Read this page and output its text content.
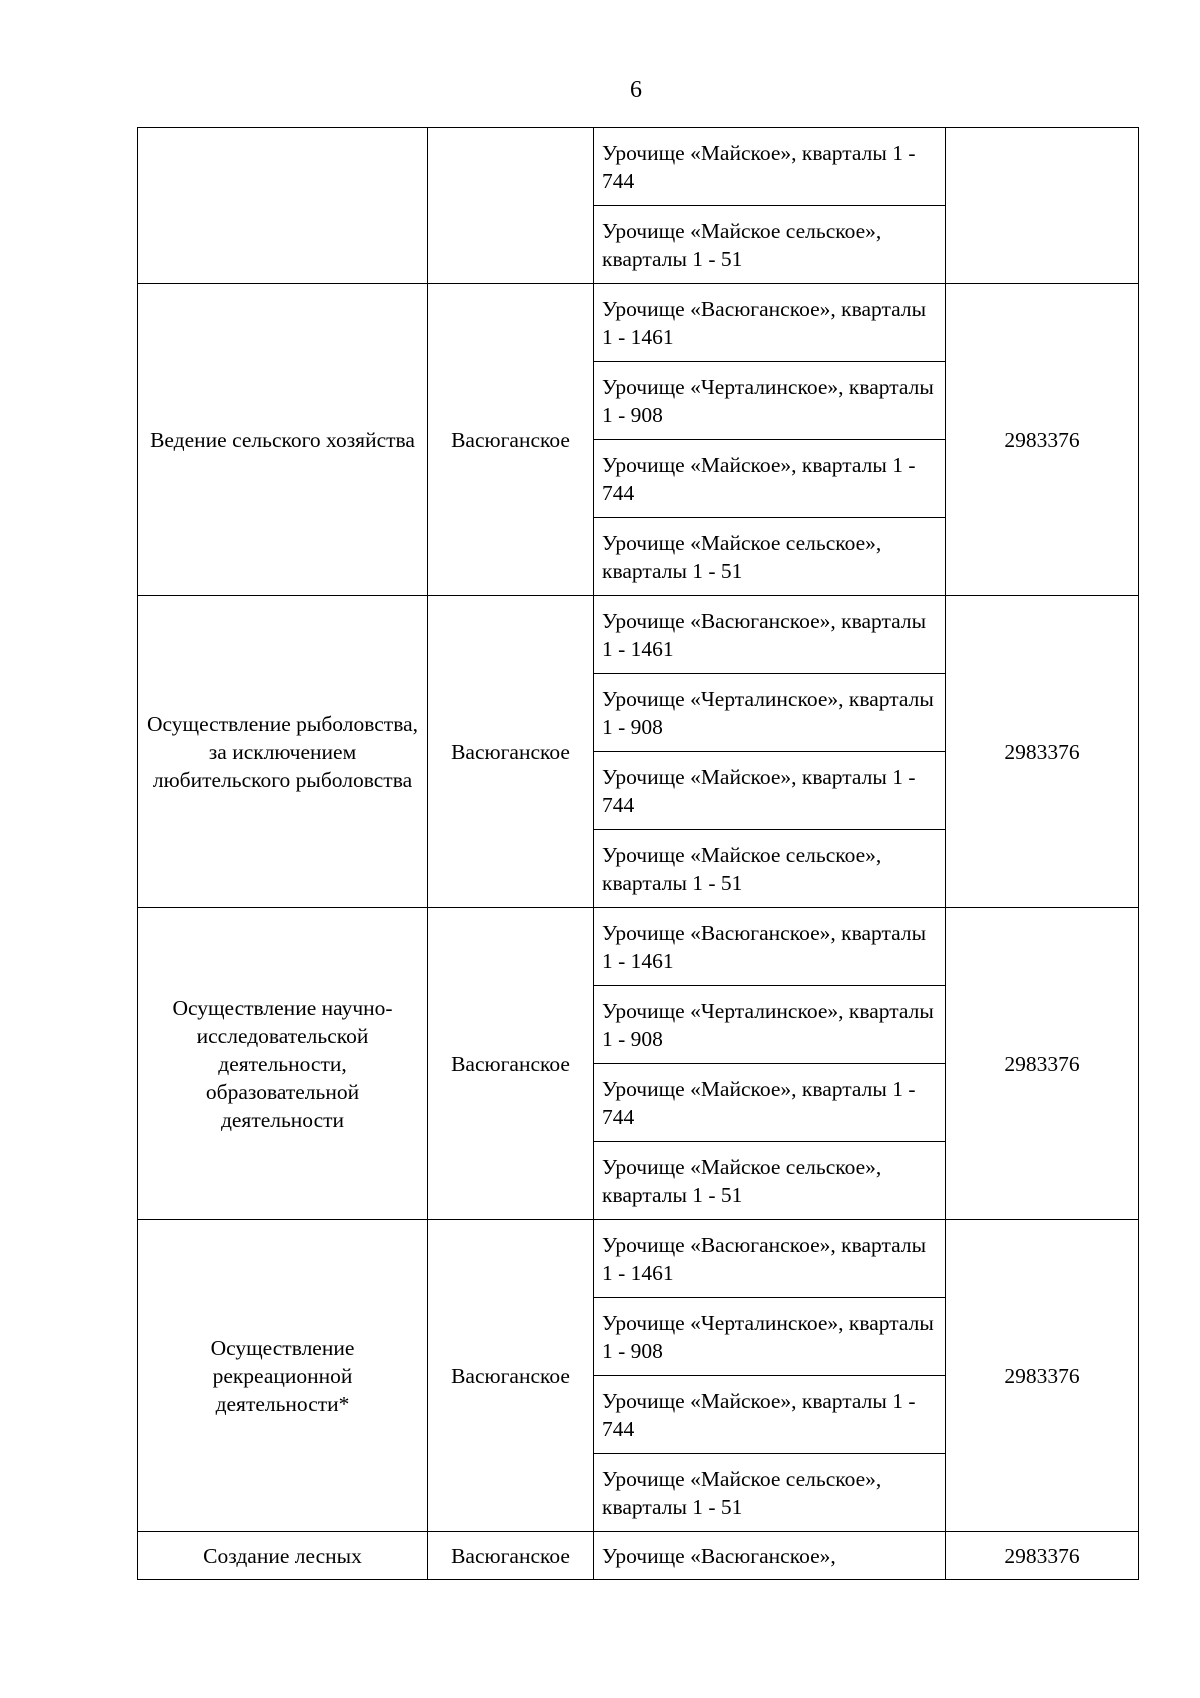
6
		Урочище «Майское», кварталы 1 - 744	
		Урочище «Майское сельское», кварталы 1 - 51	
Ведение сельского хозяйства	Васюганское	Урочище «Васюганское», кварталы 1 - 1461	2983376
		Урочище «Черталинское», кварталы 1 - 908	
		Урочище «Майское», кварталы 1 - 744	
		Урочище «Майское сельское», кварталы 1 - 51	
Осуществление рыболовства, за исключением любительского рыболовства	Васюганское	Урочище «Васюганское», кварталы 1 - 1461	2983376
		Урочище «Черталинское», кварталы 1 - 908	
		Урочище «Майское», кварталы 1 - 744	
		Урочище «Майское сельское», кварталы 1 - 51	
Осуществление научно-исследовательской деятельности, образовательной деятельности	Васюганское	Урочище «Васюганское», кварталы 1 - 1461	2983376
		Урочище «Черталинское», кварталы 1 - 908	
		Урочище «Майское», кварталы 1 - 744	
		Урочище «Майское сельское», кварталы 1 - 51	
Осуществление рекреационной деятельности*	Васюганское	Урочище «Васюганское», кварталы 1 - 1461	2983376
		Урочище «Черталинское», кварталы 1 - 908	
		Урочище «Майское», кварталы 1 - 744	
		Урочище «Майское сельское», кварталы 1 - 51	
Создание лесных	Васюганское	Урочище «Васюганское»,	2983376
